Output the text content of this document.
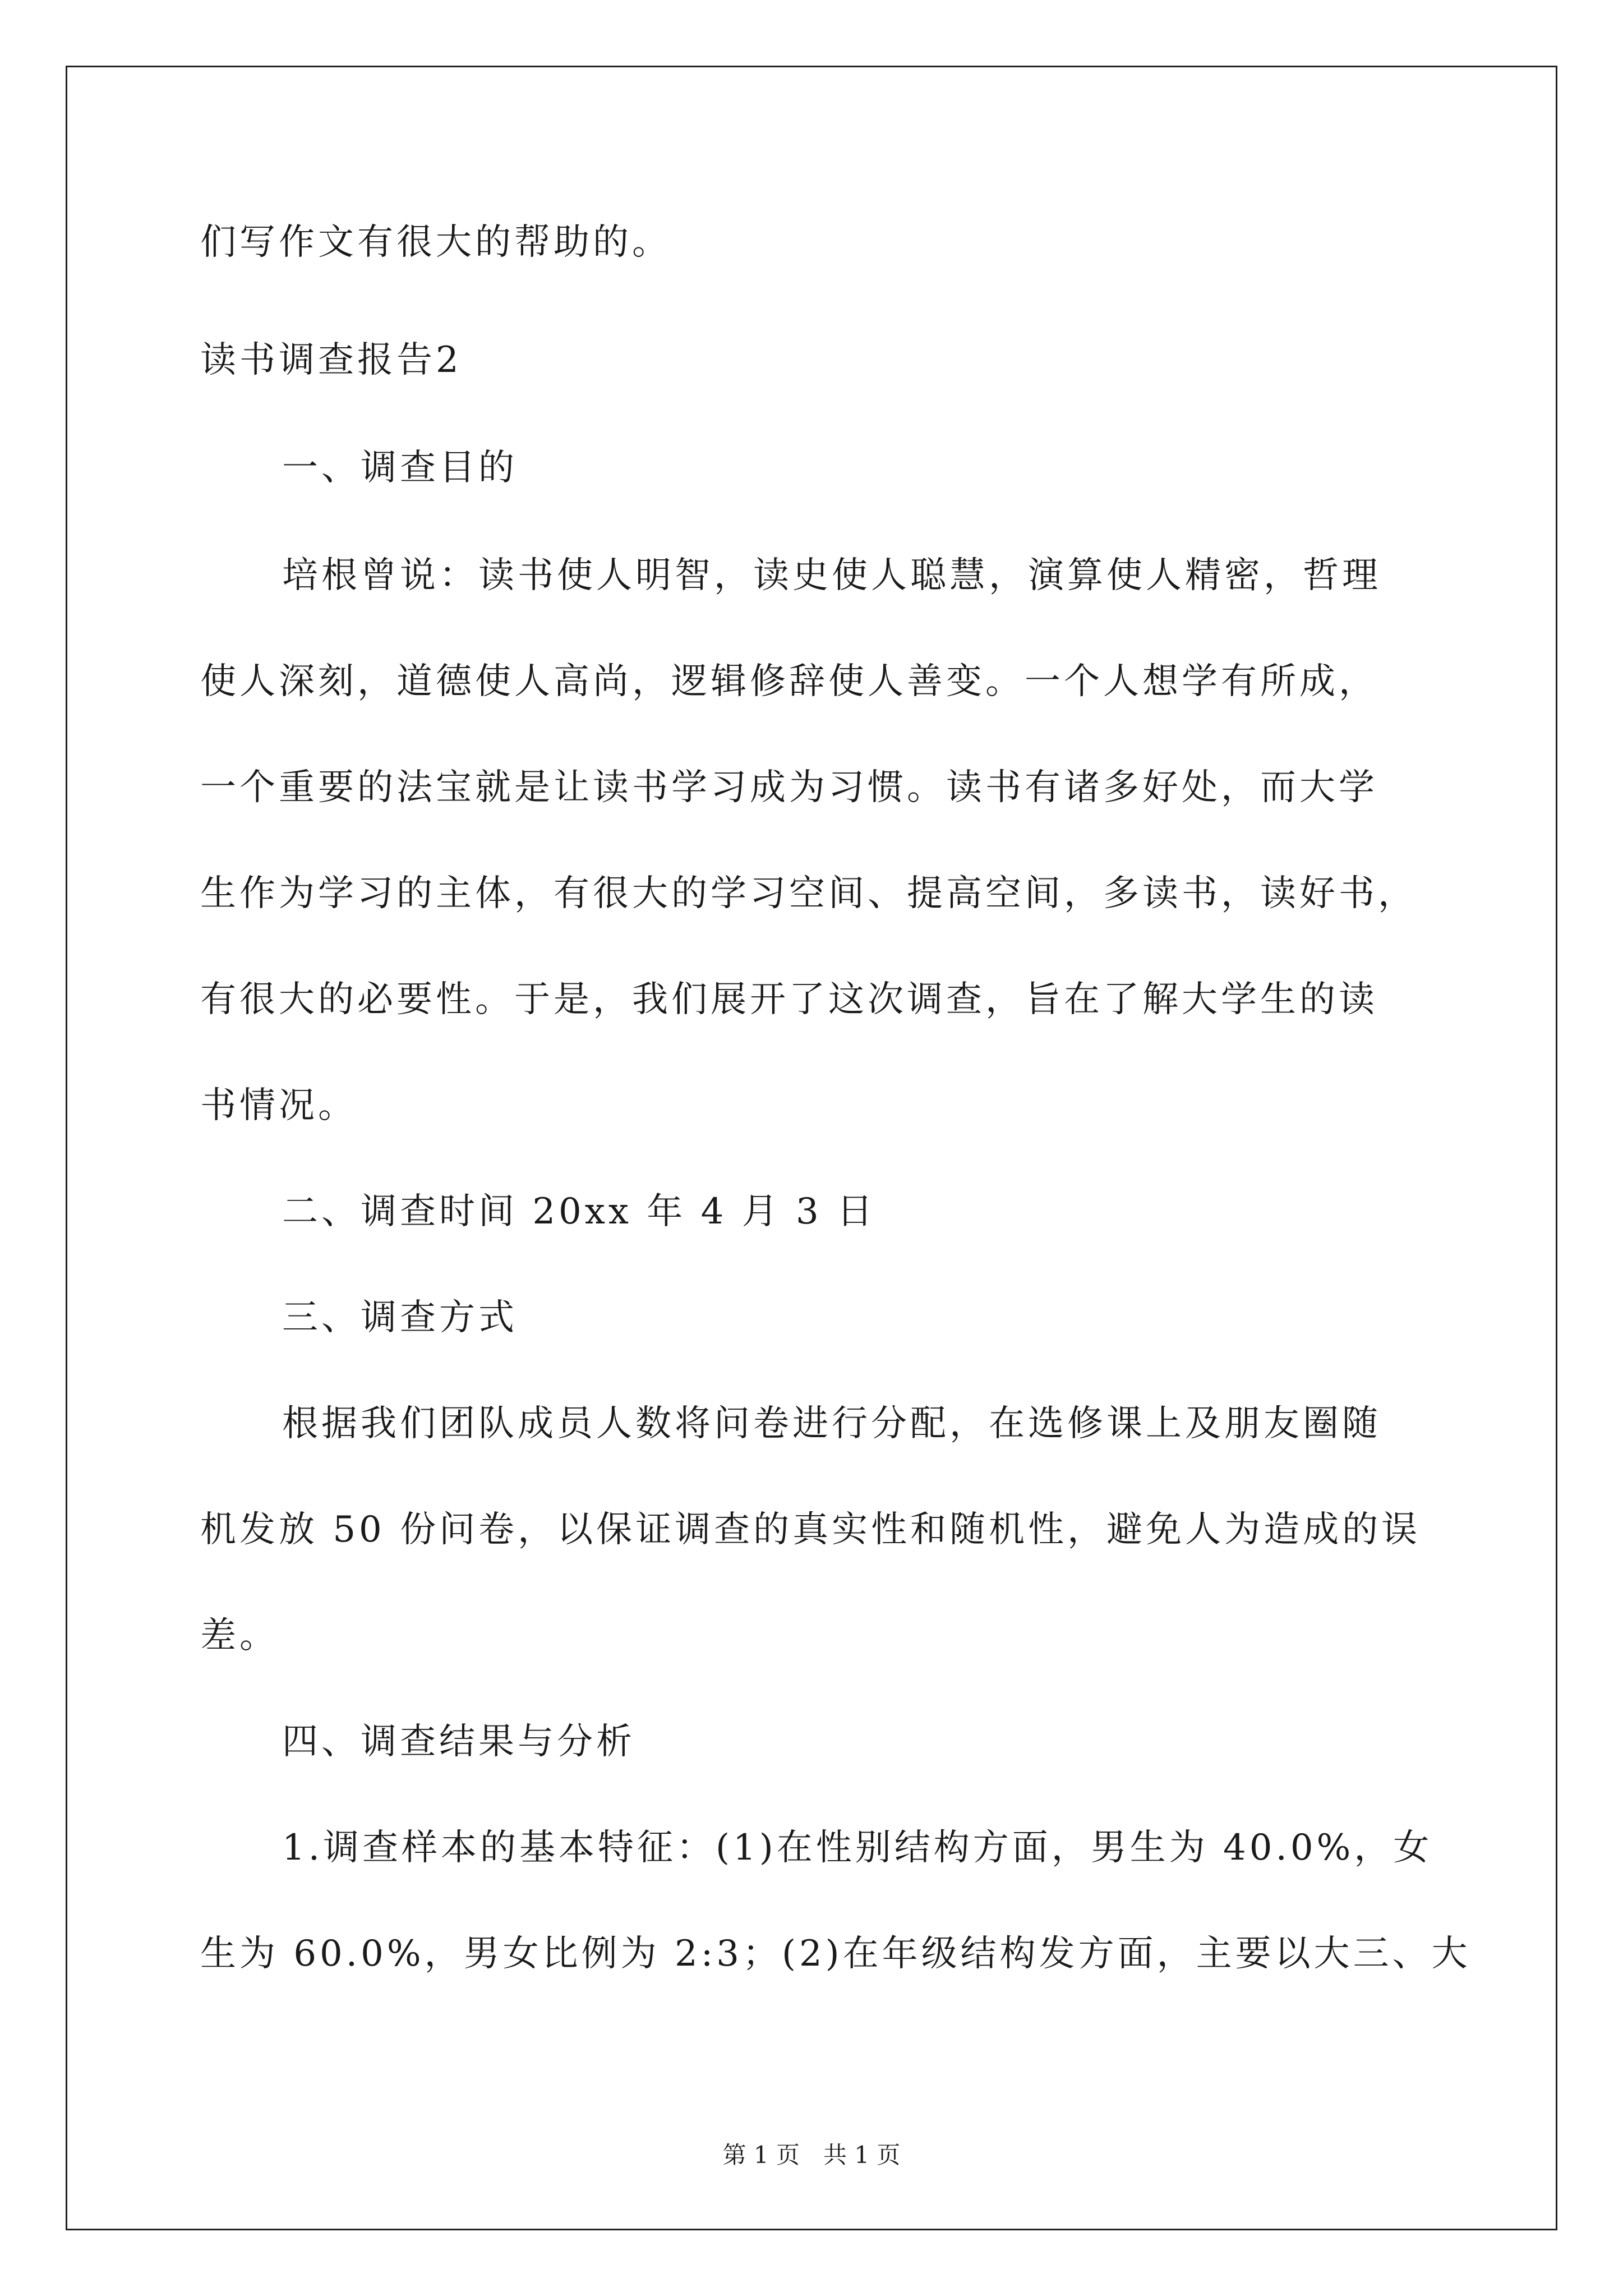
们写作文有很大的帮助的。
读书调查报告2
一、调查目的
培根曾说：读书使人明智，读史使人聪慧，演算使人精密，哲理
使人深刻，道德使人高尚，逻辑修辞使人善变。一个人想学有所成，
一个重要的法宝就是让读书学习成为习惯。读书有诸多好处，而大学
生作为学习的主体，有很大的学习空间、提高空间，多读书，读好书，
有很大的必要性。于是，我们展开了这次调查，旨在了解大学生的读
书情况。
二、调查时间 20xx 年 4 月 3 日
三、调查方式
根据我们团队成员人数将问卷进行分配，在选修课上及朋友圈随
机发放 50 份问卷，以保证调查的真实性和随机性，避免人为造成的误
差。
四、调查结果与分析
1.调查样本的基本特征：(1)在性别结构方面，男生为 40.0%，女
生为 60.0%，男女比例为 2:3；(2)在年级结构发方面，主要以大三、大
第 1 页　共 1 页
